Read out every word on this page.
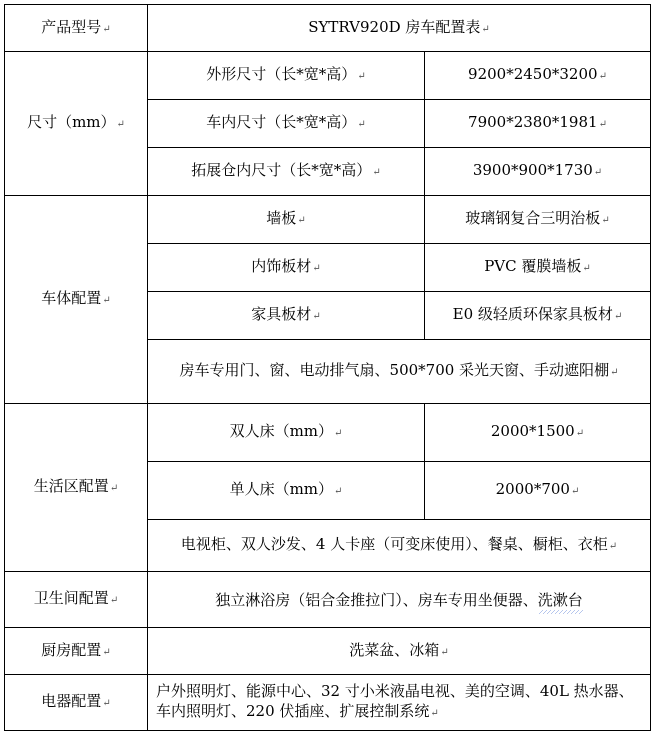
产品型号↵	SYTRV920D 房车配置表↵	
尺寸（mm）↵	外形尺寸（长*宽*高）↵	9200*2450*3200↵
	车内尺寸（长*宽*高）↵	7900*2380*1981↵
	拓展仓内尺寸（长*宽*高）↵	3900*900*1730↵
车体配置↵	墙板↵	玻璃钢复合三明治板↵
	内饰板材↵	PVC 覆膜墙板↵
	家具板材↵	E0 级轻质环保家具板材↵
	房车专用门、窗、电动排气扇、500*700 采光天窗、手动遮阳棚↵	
生活区配置↵	双人床（mm）↵	2000*1500↵
	单人床（mm）↵	2000*700↵
	电视柜、双人沙发、4 人卡座（可变床使用）、餐桌、橱柜、衣柜↵	
卫生间配置↵	独立淋浴房（铝合金推拉门）、房车专用坐便器、洗漱台	
厨房配置↵	洗菜盆、冰箱↵	
电器配置↵	户外照明灯、能源中心、32 寸小米液晶电视、美的空调、40L 热水器、
车内照明灯、220 伏插座、扩展控制系统↵	
